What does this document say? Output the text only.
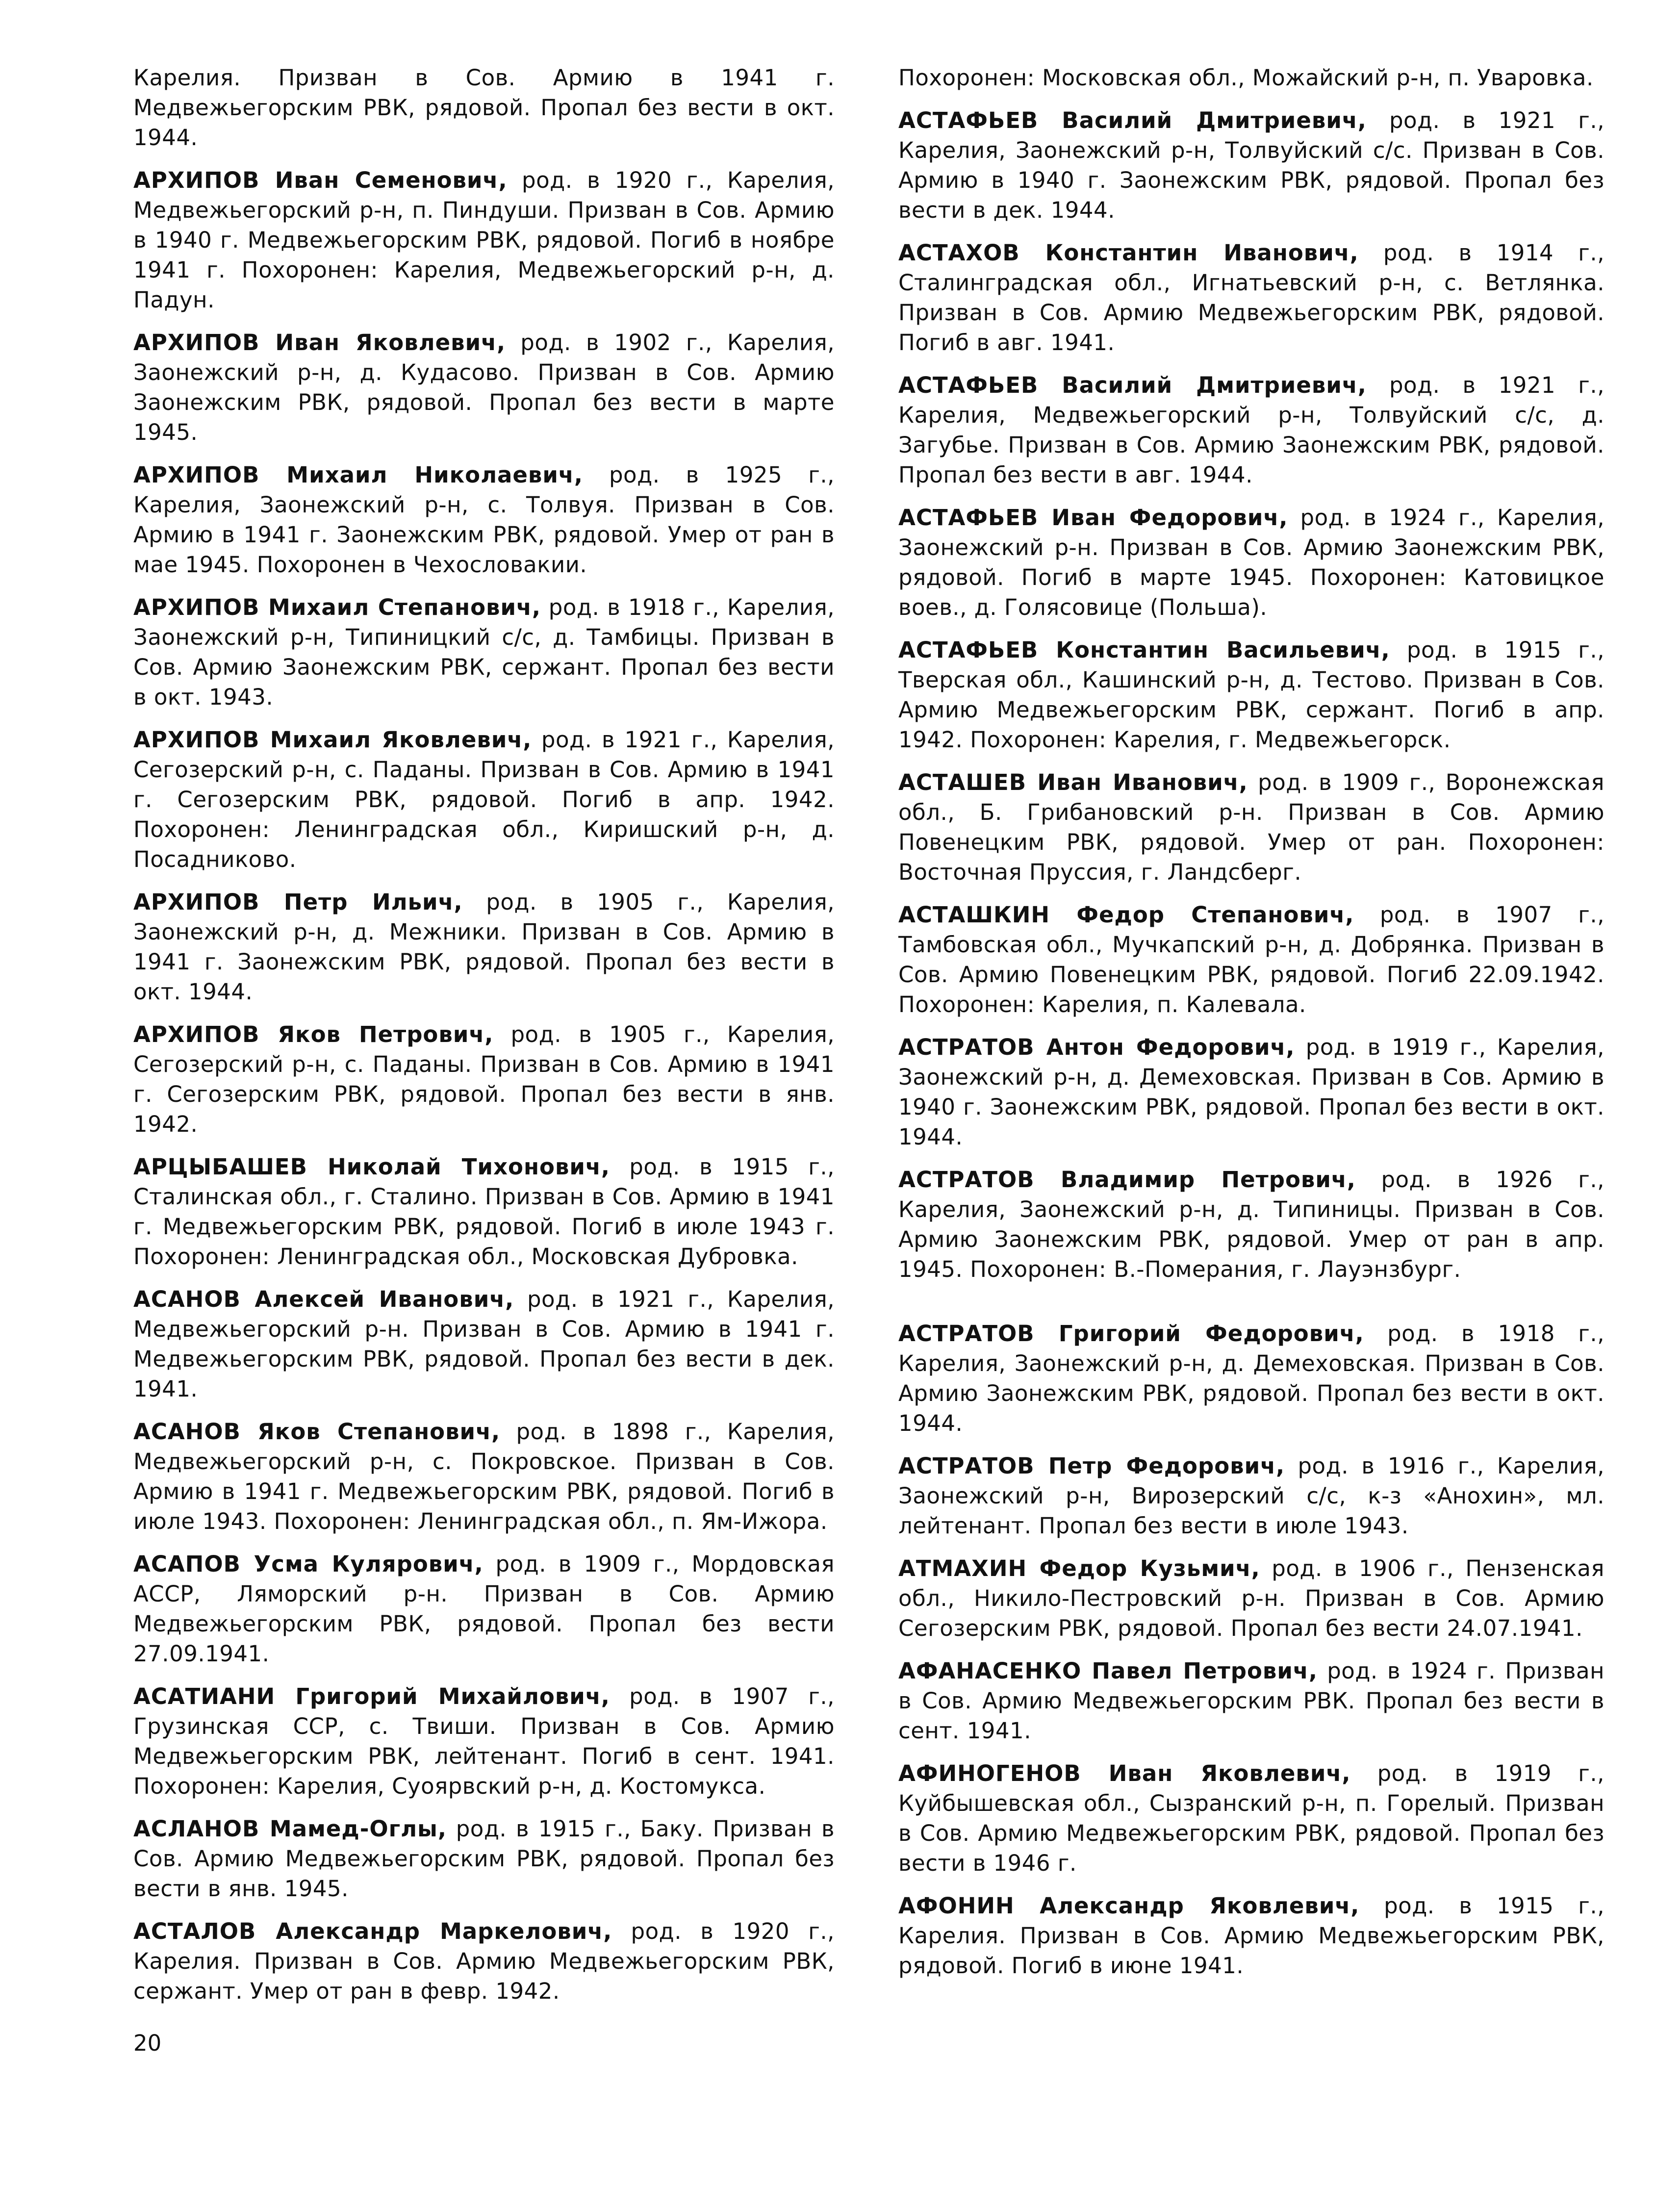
Карелия. Призван в Сов. Армию в 1941 г. Медвежьегорским РВК, рядовой. Пропал без вести в окт. 1944.

АРХИПОВ Иван Семенович, род. в 1920 г., Карелия, Медвежьегорский р-н, п. Пиндуши. Призван в Сов. Армию в 1940 г. Медвежьегорским РВК, рядовой. Погиб в ноябре 1941 г. Похоронен: Карелия, Медвежьегорский р-н, д. Падун.

АРХИПОВ Иван Яковлевич, род. в 1902 г., Карелия, Заонежский р-н, д. Кудасово. Призван в Сов. Армию Заонежским РВК, рядовой. Пропал без вести в марте 1945.

АРХИПОВ Михаил Николаевич, род. в 1925 г., Карелия, Заонежский р-н, с. Толвуя. Призван в Сов. Армию в 1941 г. Заонежским РВК, рядовой. Умер от ран в мае 1945. Похоронен в Чехословакии.

АРХИПОВ Михаил Степанович, род. в 1918 г., Карелия, Заонежский р-н, Типиницкий с/с, д. Тамбицы. Призван в Сов. Армию Заонежским РВК, сержант. Пропал без вести в окт. 1943.

АРХИПОВ Михаил Яковлевич, род. в 1921 г., Карелия, Сегозерский р-н, с. Паданы. Призван в Сов. Армию в 1941 г. Сегозерским РВК, рядовой. Погиб в апр. 1942. Похоронен: Ленинградская обл., Киришский р-н, д. Посадниково.

АРХИПОВ Петр Ильич, род. в 1905 г., Карелия, Заонежский р-н, д. Межники. Призван в Сов. Армию в 1941 г. Заонежским РВК, рядовой. Пропал без вести в окт. 1944.

АРХИПОВ Яков Петрович, род. в 1905 г., Карелия, Сегозерский р-н, с. Паданы. Призван в Сов. Армию в 1941 г. Сегозерским РВК, рядовой. Пропал без вести в янв. 1942.

АРЦЫБАШЕВ Николай Тихонович, род. в 1915 г., Сталинская обл., г. Сталино. Призван в Сов. Армию в 1941 г. Медвежьегорским РВК, рядовой. Погиб в июле 1943 г. Похоронен: Ленинградская обл., Московская Дубровка.

АСАНОВ Алексей Иванович, род. в 1921 г., Карелия, Медвежьегорский р-н. Призван в Сов. Армию в 1941 г. Медвежьегорским РВК, рядовой. Пропал без вести в дек. 1941.

АСАНОВ Яков Степанович, род. в 1898 г., Карелия, Медвежьегорский р-н, с. Покровское. Призван в Сов. Армию в 1941 г. Медвежьегорским РВК, рядовой. Погиб в июле 1943. Похоронен: Ленинградская обл., п. Ям-Ижора.

АСАПОВ Усма Кулярович, род. в 1909 г., Мордовская АССР, Ляморский р-н. Призван в Сов. Армию Медвежьегорским РВК, рядовой. Пропал без вести 27.09.1941.

АСАТИАНИ Григорий Михайлович, род. в 1907 г., Грузинская ССР, с. Твиши. Призван в Сов. Армию Медвежьегорским РВК, лейтенант. Погиб в сент. 1941. Похоронен: Карелия, Суоярвский р-н, д. Костомукса.

АСЛАНОВ Мамед-Оглы, род. в 1915 г., Баку. Призван в Сов. Армию Медвежьегорским РВК, рядовой. Пропал без вести в янв. 1945.

АСТАЛОВ Александр Маркелович, род. в 1920 г., Карелия. Призван в Сов. Армию Медвежьегорским РВК, сержант. Умер от ран в февр. 1942.

Похоронен: Московская обл., Можайский р-н, п. Уваровка.

АСТАФЬЕВ Василий Дмитриевич, род. в 1921 г., Карелия, Заонежский р-н, Толвуйский с/с. Призван в Сов. Армию в 1940 г. Заонежским РВК, рядовой. Пропал без вести в дек. 1944.

АСТАХОВ Константин Иванович, род. в 1914 г., Сталинградская обл., Игнатьевский р-н, с. Ветлянка. Призван в Сов. Армию Медвежьегорским РВК, рядовой. Погиб в авг. 1941.

АСТАФЬЕВ Василий Дмитриевич, род. в 1921 г., Карелия, Медвежьегорский р-н, Толвуйский с/с, д. Загубье. Призван в Сов. Армию Заонежским РВК, рядовой. Пропал без вести в авг. 1944.

АСТАФЬЕВ Иван Федорович, род. в 1924 г., Карелия, Заонежский р-н. Призван в Сов. Армию Заонежским РВК, рядовой. Погиб в марте 1945. Похоронен: Катовицкое воев., д. Голясовице (Польша).

АСТАФЬЕВ Константин Васильевич, род. в 1915 г., Тверская обл., Кашинский р-н, д. Тестово. Призван в Сов. Армию Медвежьегорским РВК, сержант. Погиб в апр. 1942. Похоронен: Карелия, г. Медвежьегорск.

АСТАШЕВ Иван Иванович, род. в 1909 г., Воронежская обл., Б. Грибановский р-н. Призван в Сов. Армию Повенецким РВК, рядовой. Умер от ран. Похоронен: Восточная Пруссия, г. Ландсберг.

АСТАШКИН Федор Степанович, род. в 1907 г., Тамбовская обл., Мучкапский р-н, д. Добрянка. Призван в Сов. Армию Повенецким РВК, рядовой. Погиб 22.09.1942. Похоронен: Карелия, п. Калевала.

АСТРАТОВ Антон Федорович, род. в 1919 г., Карелия, Заонежский р-н, д. Демеховская. Призван в Сов. Армию в 1940 г. Заонежским РВК, рядовой. Пропал без вести в окт. 1944.

АСТРАТОВ Владимир Петрович, род. в 1926 г., Карелия, Заонежский р-н, д. Типиницы. Призван в Сов. Армию Заонежским РВК, рядовой. Умер от ран в апр. 1945. Похоронен: В.-Померания, г. Лауэнзбург.

АСТРАТОВ Григорий Федорович, род. в 1918 г., Карелия, Заонежский р-н, д. Демеховская. Призван в Сов. Армию Заонежским РВК, рядовой. Пропал без вести в окт. 1944.

АСТРАТОВ Петр Федорович, род. в 1916 г., Карелия, Заонежский р-н, Вирозерский с/с, к-з «Анохин», мл. лейтенант. Пропал без вести в июле 1943.

АТМАХИН Федор Кузьмич, род. в 1906 г., Пензенская обл., Никило-Пестровский р-н. Призван в Сов. Армию Сегозерским РВК, рядовой. Пропал без вести 24.07.1941.

АФАНАСЕНКО Павел Петрович, род. в 1924 г. Призван в Сов. Армию Медвежьегорским РВК. Пропал без вести в сент. 1941.

АФИНОГЕНОВ Иван Яковлевич, род. в 1919 г., Куйбышевская обл., Сызранский р-н, п. Горелый. Призван в Сов. Армию Медвежьегорским РВК, рядовой. Пропал без вести в 1946 г.

АФОНИН Александр Яковлевич, род. в 1915 г., Карелия. Призван в Сов. Армию Медвежьегорским РВК, рядовой. Погиб в июне 1941.

20
